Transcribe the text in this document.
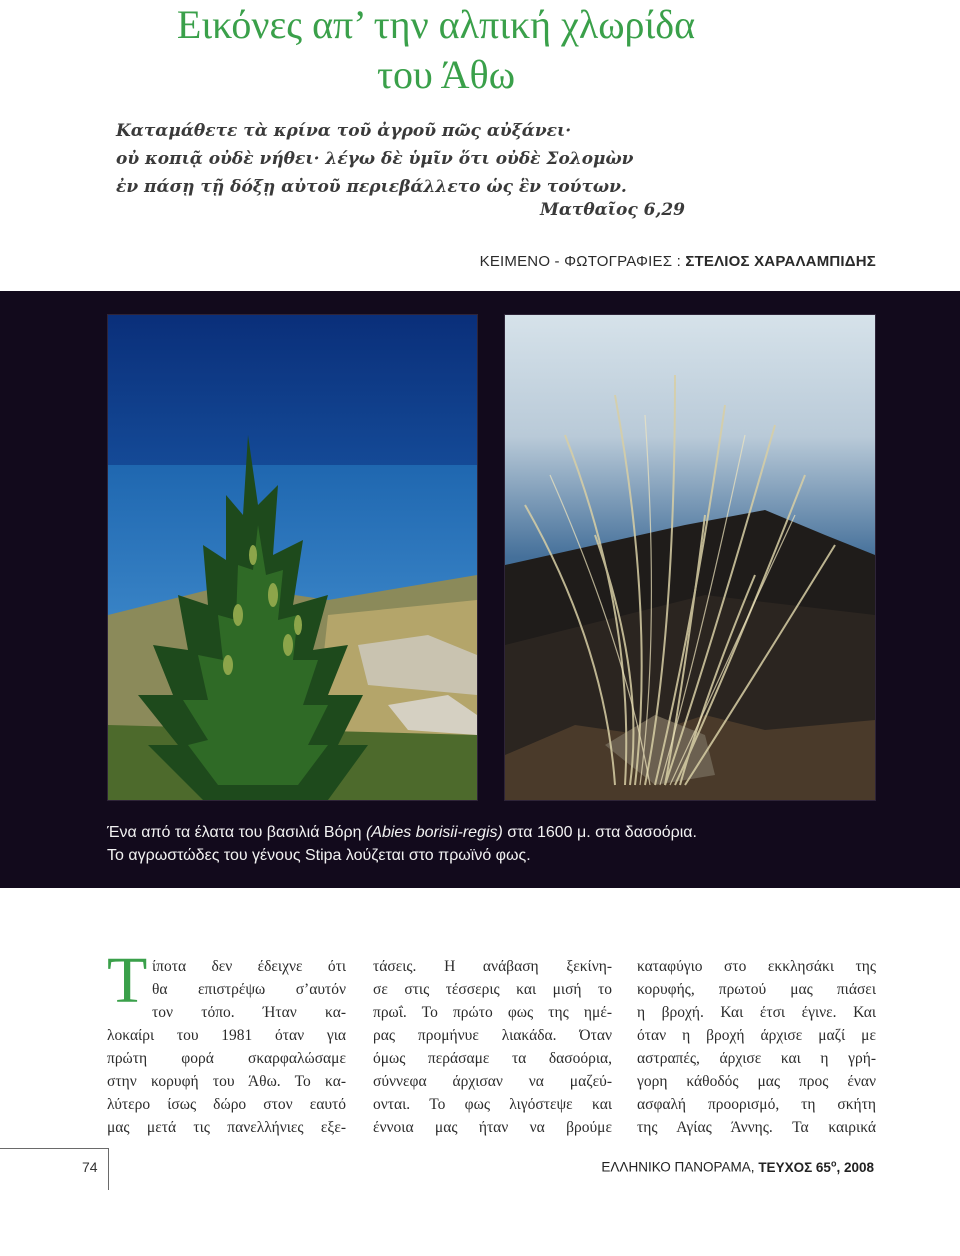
Εικόνες απ’ την αλπική χλωρίδα
του Άθω
Καταμάθετε τὰ κρίνα τοῦ ἀγροῦ πῶς αὐξάνει·
οὐ κοπιᾷ οὐδὲ νήθει· λέγω δὲ ὑμῖν ὅτι οὐδὲ Σολομὼν
ἐν πάσῃ τῇ δόξῃ αὐτοῦ περιεβάλλετο ὡς ἓν τούτων.
Ματθαῖος 6,29
ΚΕΙΜΕΝΟ - ΦΩΤΟΓΡΑΦΙΕΣ : ΣΤΕΛΙΟΣ ΧΑΡΑΛΑΜΠΙΔΗΣ
Ένα από τα έλατα του βασιλιά Βόρη (Abies borisii-regis) στα 1600 μ. στα δασοόρια.
Το αγρωστώδες του γένους Stipa λούζεται στο πρωϊνό φως.
Τ ίποτα δεν έδειχνε ότι
θα επιστρέψω σ’αυτόν
τον τόπο. Ήταν κα-
λοκαίρι του 1981 όταν για
πρώτη φορά σκαρφαλώσαμε
στην κορυφή του Άθω. Το κα-
λύτερο ίσως δώρο στον εαυτό
μας μετά τις πανελλήνιες εξε-
τάσεις. Η ανάβαση ξεκίνη-
σε στις τέσσερις και μισή το
πρωΐ. Το πρώτο φως της ημέ-
ρας προμήνυε λιακάδα. Όταν
όμως περάσαμε τα δασοόρια,
σύννεφα άρχισαν να μαζεύ-
ονται. Το φως λιγόστεψε και
έννοια μας ήταν να βρούμε
καταφύγιο στο εκκλησάκι της
κορυφής, πρωτού μας πιάσει
η βροχή. Και έτσι έγινε. Και
όταν η βροχή άρχισε μαζί με
αστραπές, άρχισε και η γρή-
γορη κάθοδός μας προς έναν
ασφαλή προορισμό, τη σκήτη
της Αγίας Άννης. Τα καιρικά
74	ΕΛΛΗΝΙΚΟ ΠΑΝΟΡΑΜΑ, ΤΕΥΧΟΣ $65^o$, 2008
